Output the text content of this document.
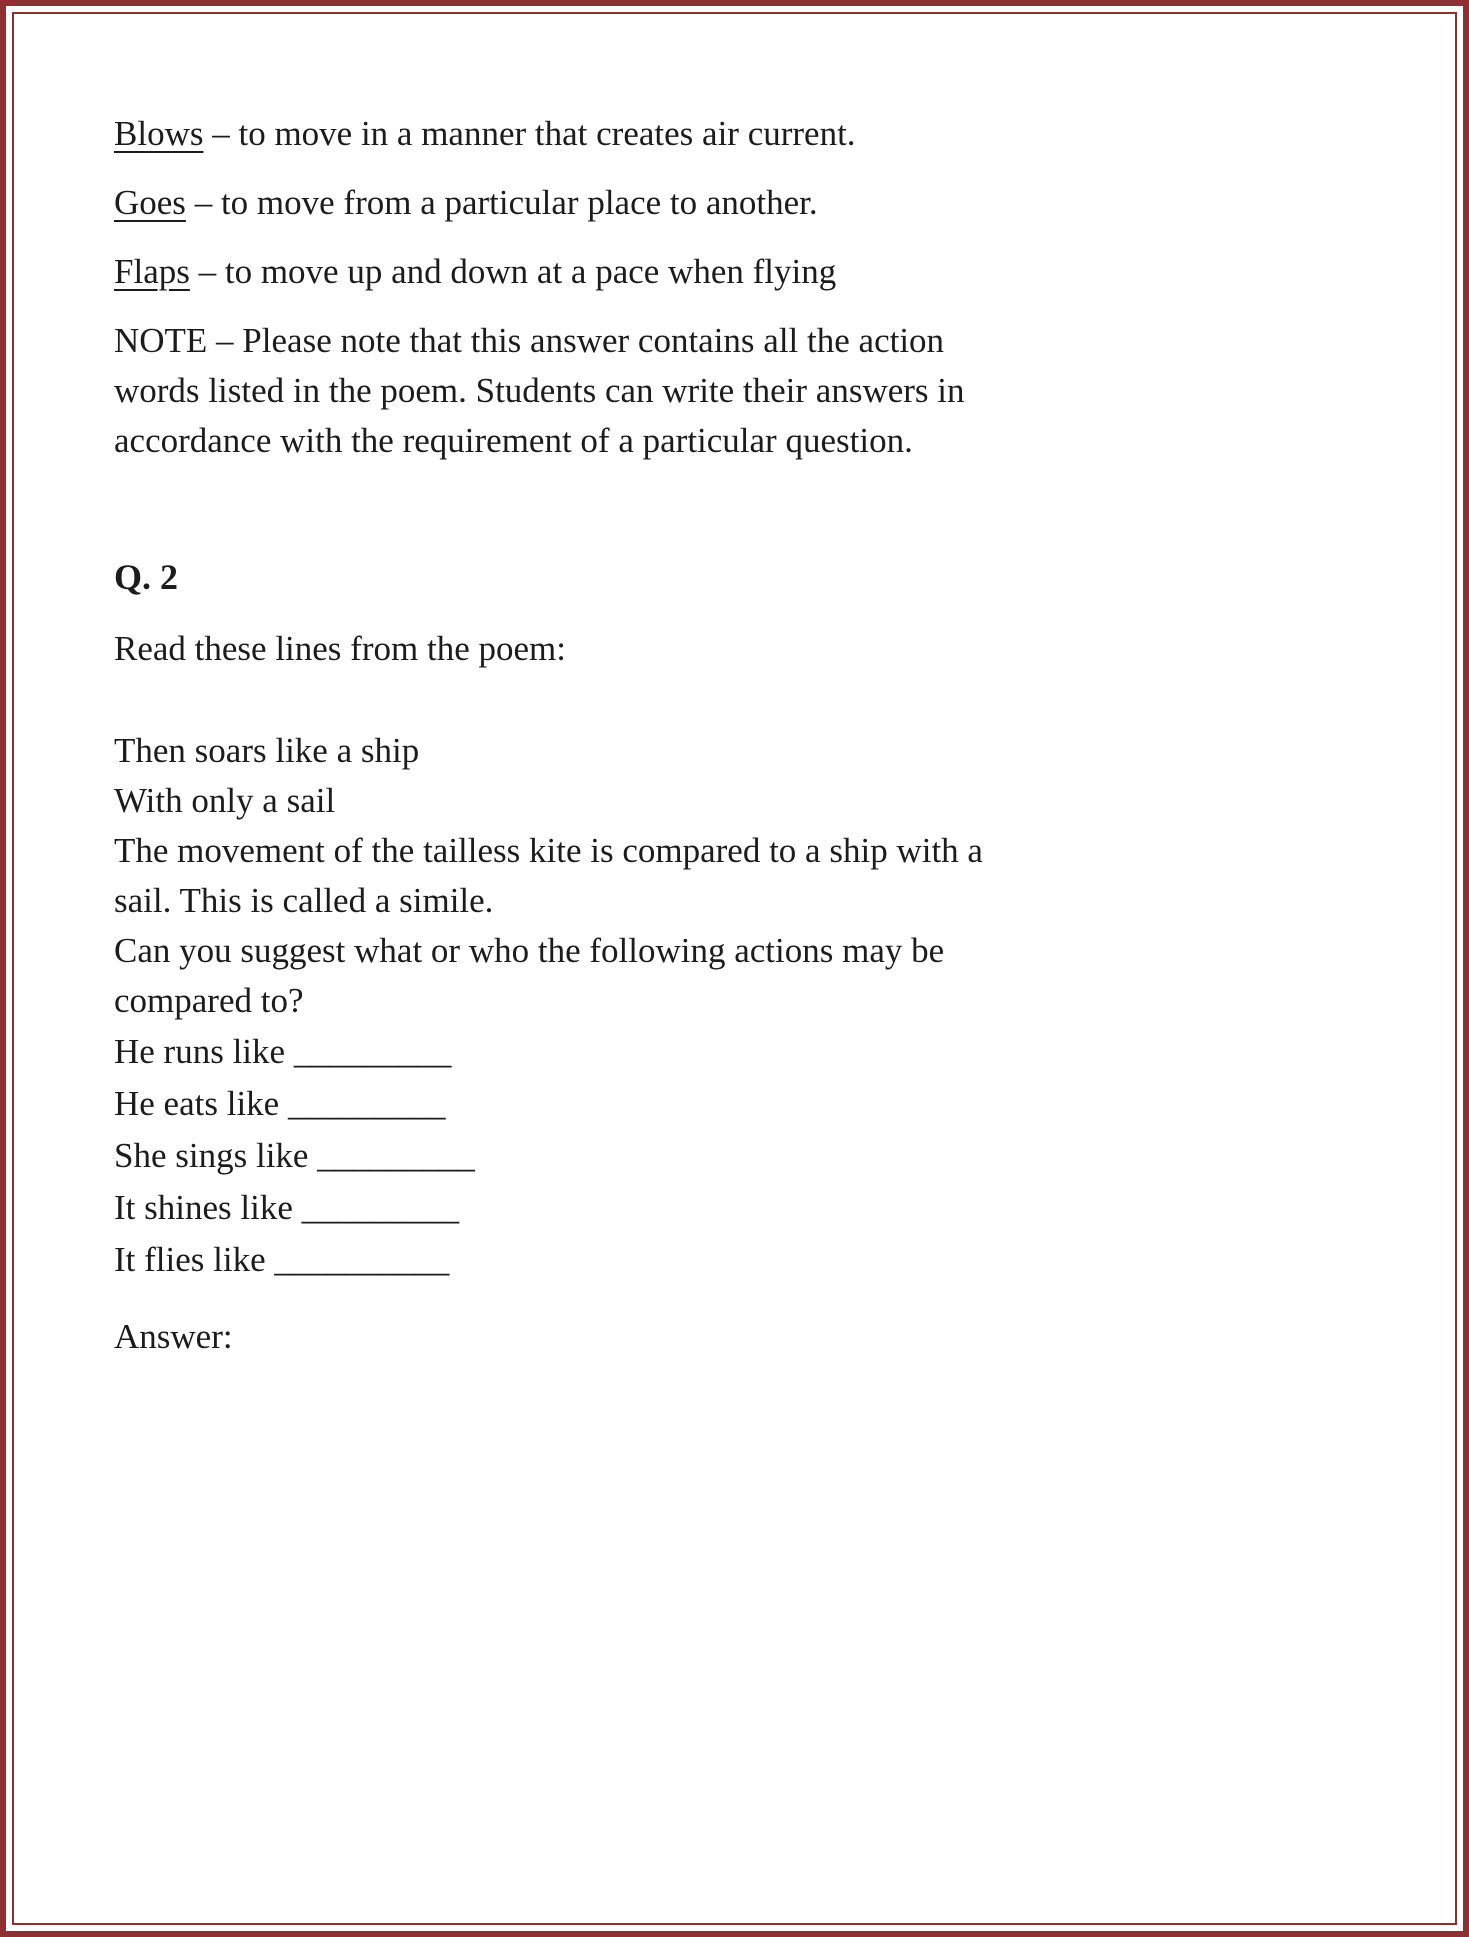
Blows – to move in a manner that creates air current.

Goes – to move from a particular place to another.

Flaps – to move up and down at a pace when flying

NOTE – Please note that this answer contains all the action words listed in the poem. Students can write their answers in accordance with the requirement of a particular question.

Q. 2

Read these lines from the poem:

Then soars like a ship

With only a sail

The movement of the tailless kite is compared to a ship with a sail. This is called a simile.

Can you suggest what or who the following actions may be compared to?

He runs like _________

He eats like _________

She sings like _________

It shines like _________

It flies like __________

Answer:
